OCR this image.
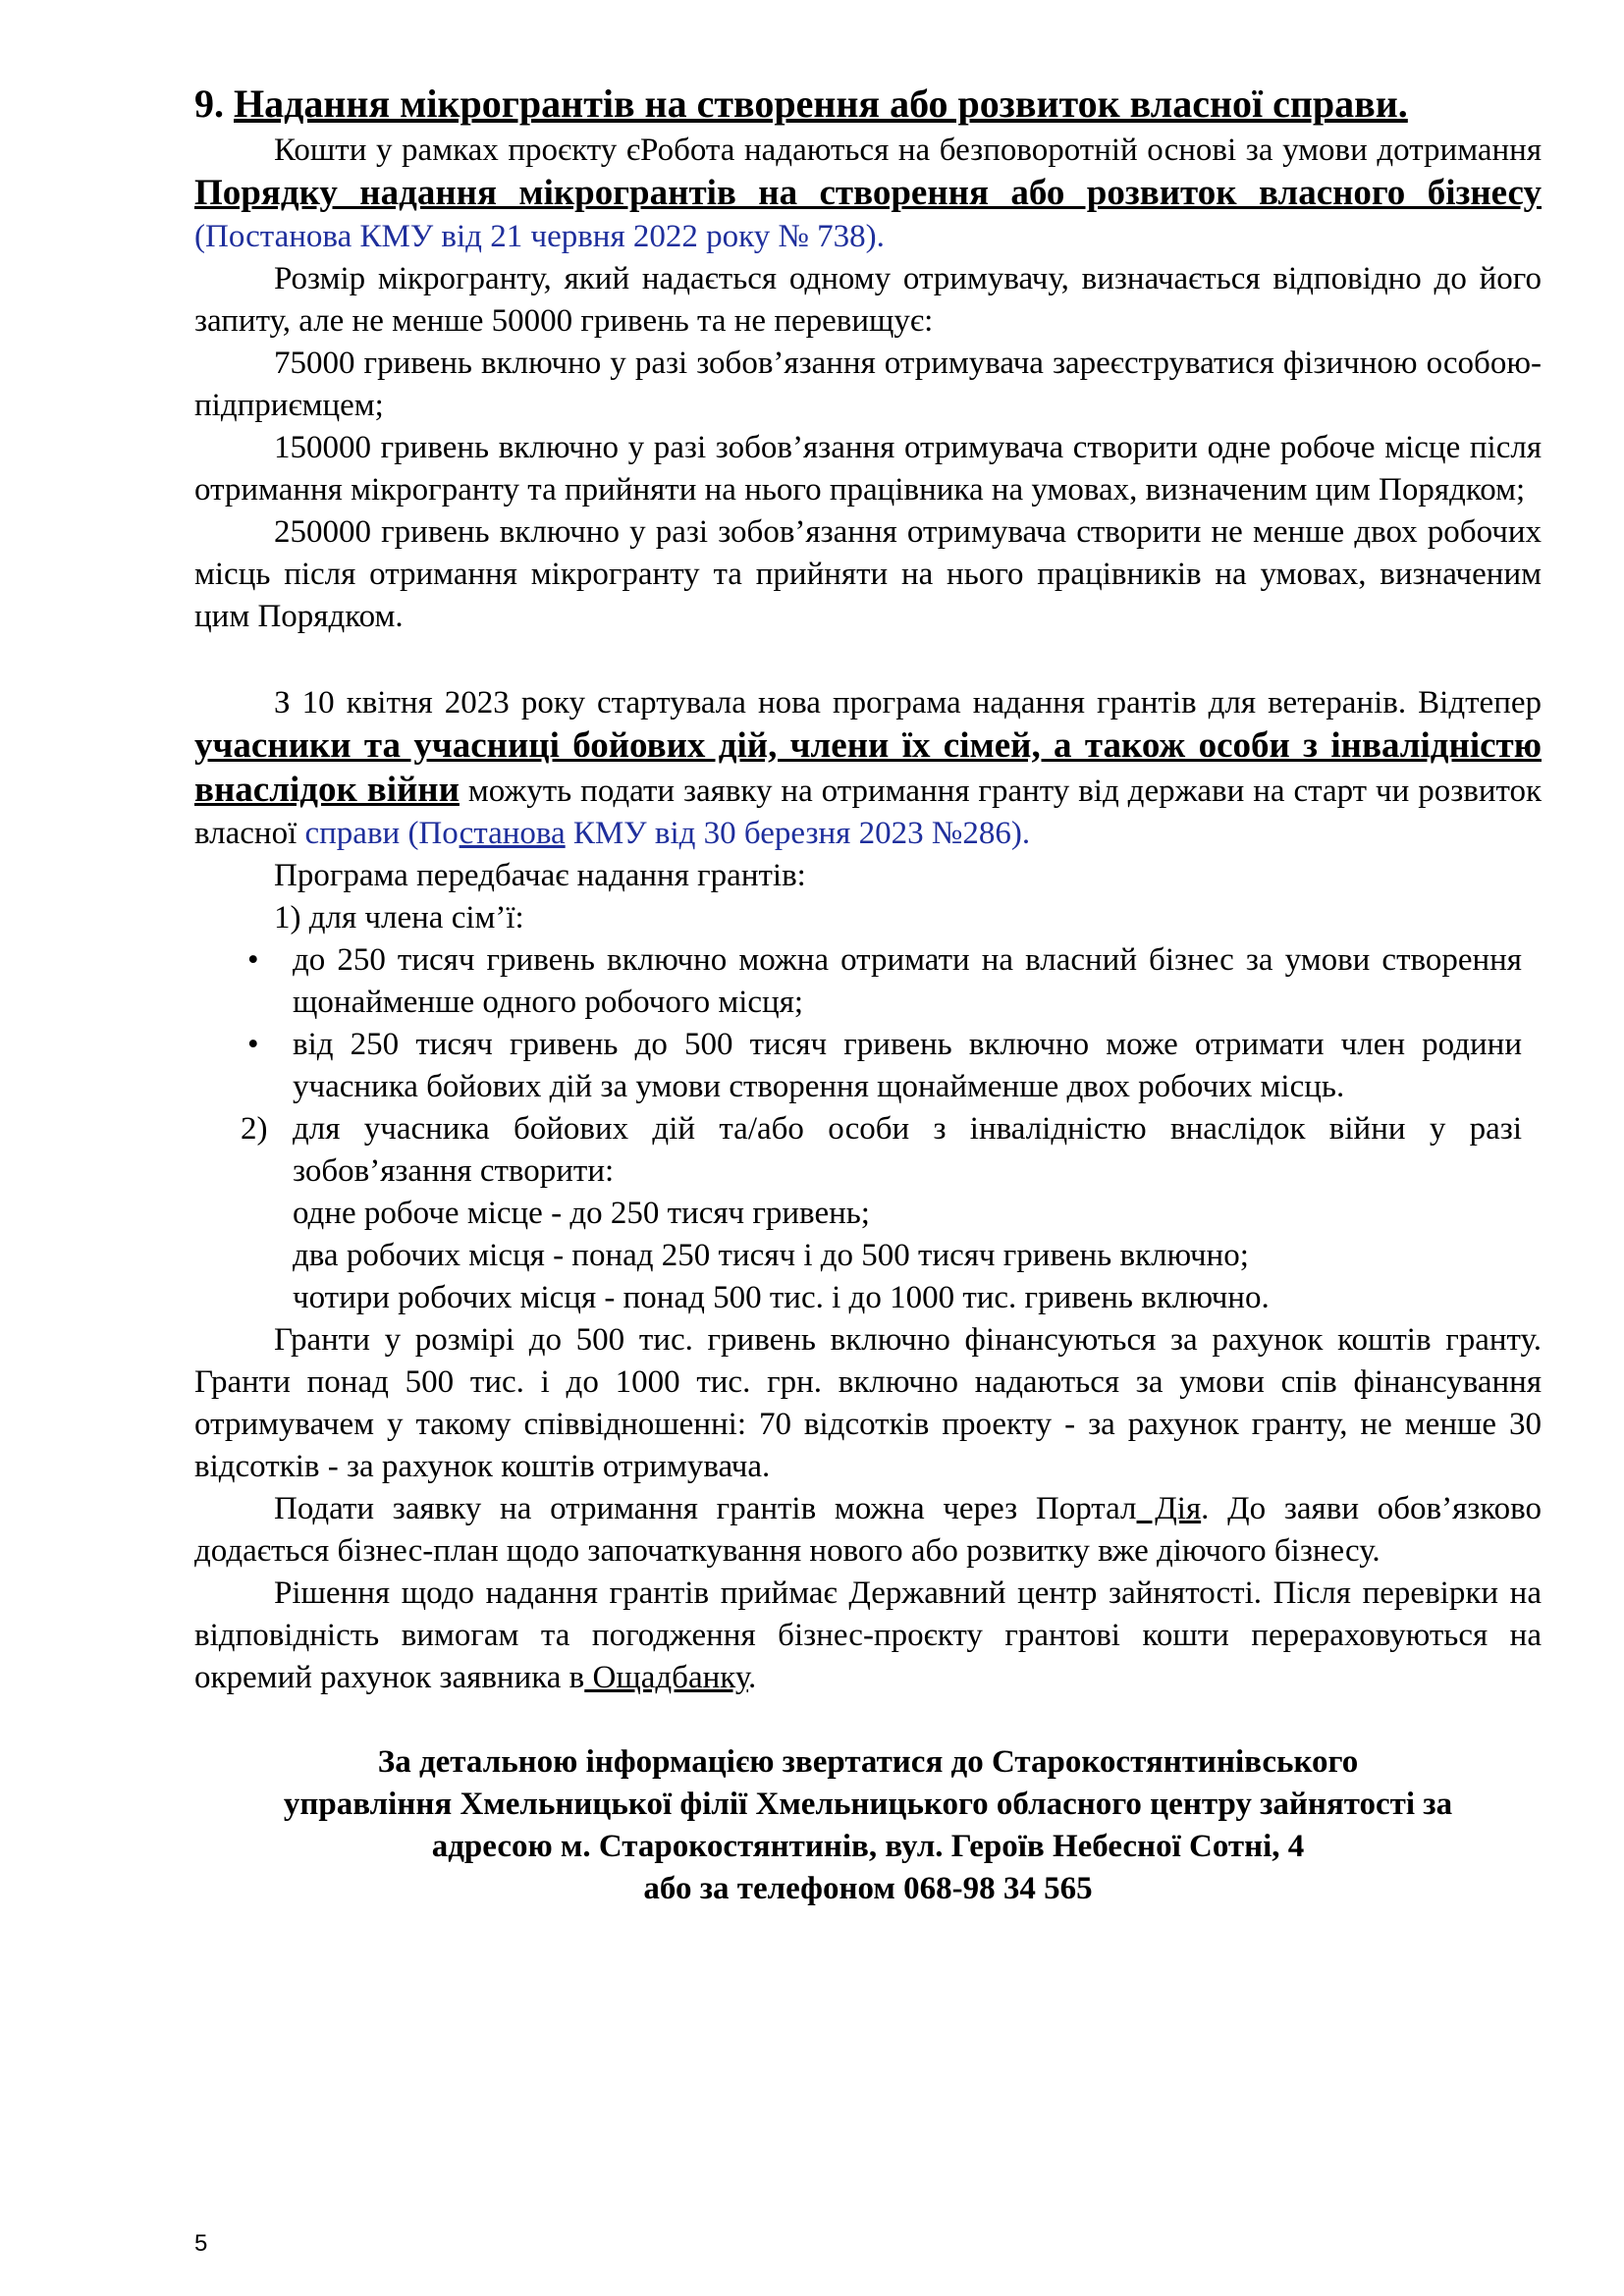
9. Надання мікрогрантів на створення або розвиток власної справи.

Кошти у рамках проєкту єРобота надаються на безповоротній основі за умови дотримання Порядку надання мікрогрантів на створення або розвиток власного бізнесу (Постанова КМУ від 21 червня 2022 року № 738).

Розмір мікрогранту, який надається одному отримувачу, визначається відповідно до його запиту, але не менше 50000 гривень та не перевищує:

75000 гривень включно у разі зобов’язання отримувача зареєструватися фізичною особою-підприємцем;

150000 гривень включно у разі зобов’язання отримувача створити одне робоче місце після отримання мікрогранту та прийняти на нього працівника на умовах, визначеним цим Порядком;

250000 гривень включно у разі зобов’язання отримувача створити не менше двох робочих місць після отримання мікрогранту та прийняти на нього працівників на умовах, визначеним цим Порядком.

З 10 квітня 2023 року стартувала нова програма надання грантів для ветеранів. Відтепер учасники та учасниці бойових дій, члени їх сімей, а також особи з інвалідністю внаслідок війни можуть подати заявку на отримання гранту від держави на старт чи розвиток власної справи (Постанова КМУ від 30 березня 2023 №286).

Програма передбачає надання грантів:

1) для члена сім’ї:

• до 250 тисяч гривень включно можна отримати на власний бізнес за умови створення щонайменше одного робочого місця;
• від 250 тисяч гривень до 500 тисяч гривень включно може отримати член родини учасника бойових дій за умови створення щонайменше двох робочих місць.
2) для учасника бойових дій та/або особи з інвалідністю внаслідок війни у разі зобов’язання створити:

одне робоче місце - до 250 тисяч гривень;

два робочих місця - понад 250 тисяч і до 500 тисяч гривень включно;

чотири робочих місця - понад 500 тис. і до 1000 тис. гривень включно.

Гранти у розмірі до 500 тис. гривень включно фінансуються за рахунок коштів гранту. Гранти понад 500 тис. і до 1000 тис. грн. включно надаються за умови спів фінансування отримувачем у такому співвідношенні: 70 відсотків проекту - за рахунок гранту, не менше 30 відсотків - за рахунок коштів отримувача.

Подати заявку на отримання грантів можна через Портал Дія. До заяви обов’язково додається бізнес-план щодо започаткування нового або розвитку вже діючого бізнесу.

Рішення щодо надання грантів приймає Державний центр зайнятості. Після перевірки на відповідність вимогам та погодження бізнес-проєкту грантові кошти перераховуються на окремий рахунок заявника в Ощадбанку.

За детальною інформацією звертатися до Старокостянтинівського
управління Хмельницької філії Хмельницького обласного центру зайнятості за
адресою м. Старокостянтинів, вул. Героїв Небесної Сотні, 4
або за телефоном 068-98 34 565
5
